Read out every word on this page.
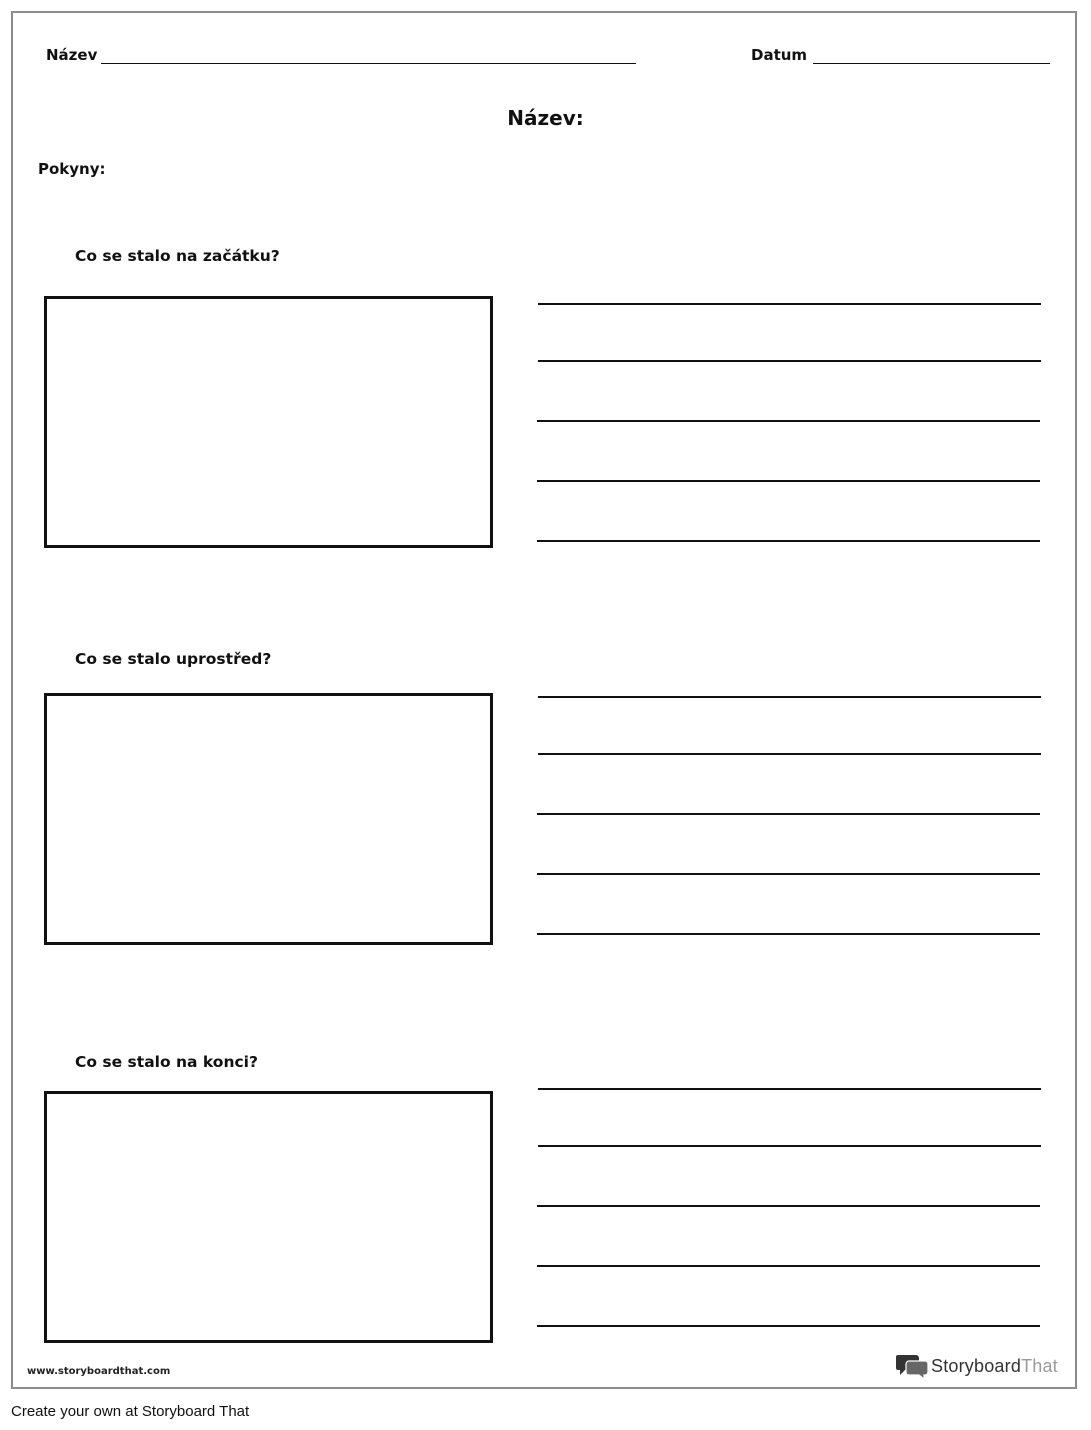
Název	Datum
Název:
Pokyny:
Co se stalo na začátku?
Co se stalo uprostřed?
Co se stalo na konci?
www.storyboardthat.com	StoryboardThat
Create your own at Storyboard That
